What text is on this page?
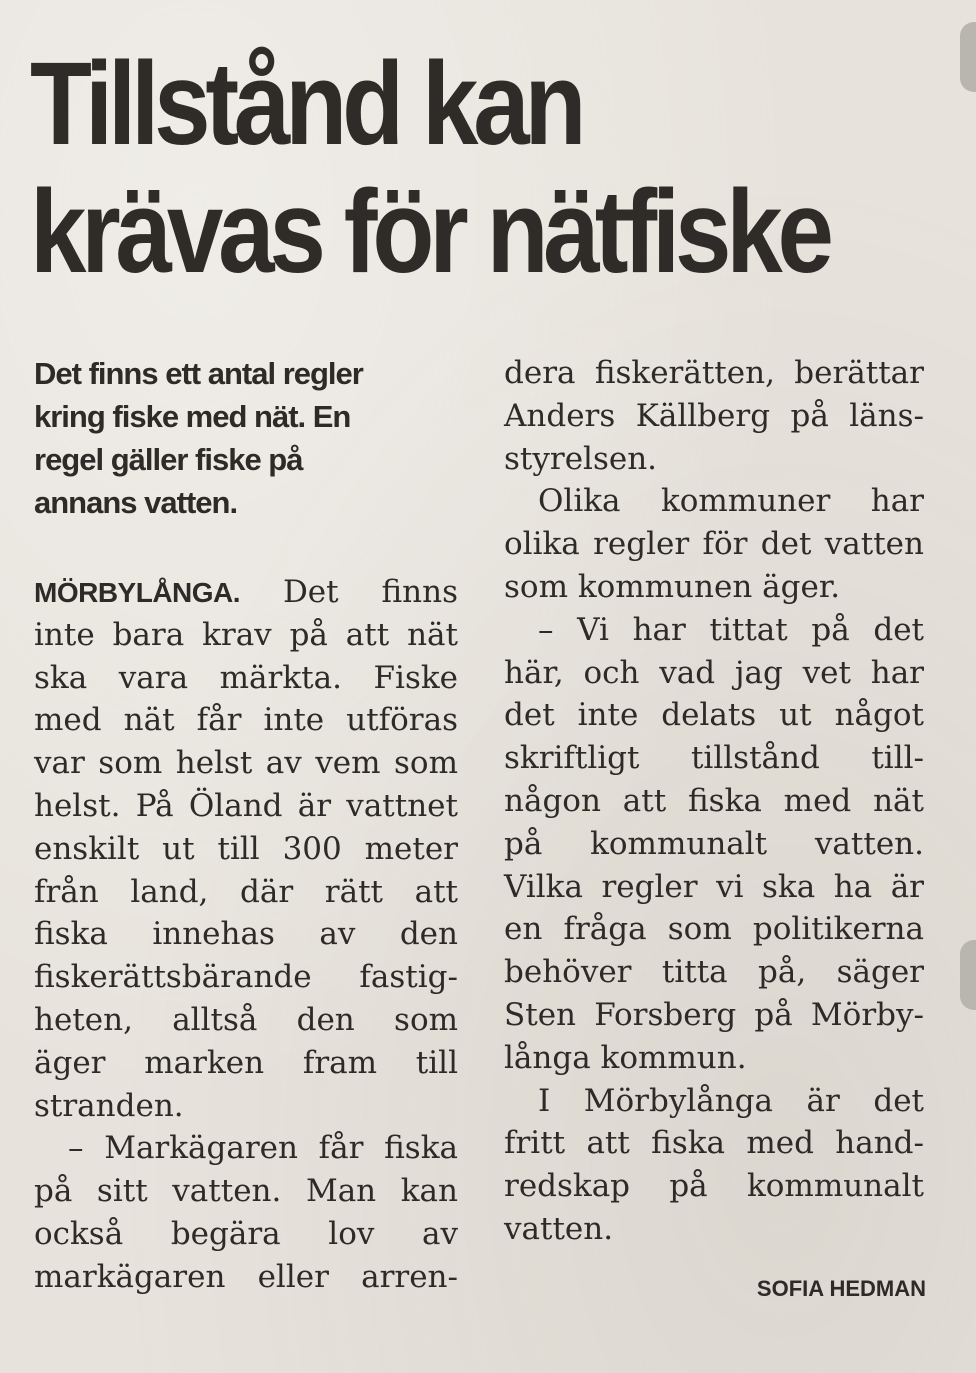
Tillstånd kan
krävas för nätfiske
Det finns ett antal regler
kring fiske med nät. En
regel gäller fiske på
annans vatten.
MÖRBYLÅNGA. Det finns
inte bara krav på att nät
ska vara märkta. Fiske
med nät får inte utföras
var som helst av vem som
helst. På Öland är vattnet
enskilt ut till 300 meter
från land, där rätt att
fiska innehas av den
fiskerättsbärande fastig-
heten, alltså den som
äger marken fram till
stranden.
– Markägaren får fiska
på sitt vatten. Man kan
också begära lov av
markägaren eller arren-
dera fiskerätten, berättar
Anders Källberg på läns-
styrelsen.
Olika kommuner har
olika regler för det vatten
som kommunen äger.
– Vi har tittat på det
här, och vad jag vet har
det inte delats ut något
skriftligt tillstånd till-
någon att fiska med nät
på kommunalt vatten.
Vilka regler vi ska ha är
en fråga som politikerna
behöver titta på, säger
Sten Forsberg på Mörby-
långa kommun.
I Mörbylånga är det
fritt att fiska med hand-
redskap på kommunalt
vatten.
SOFIA HEDMAN
